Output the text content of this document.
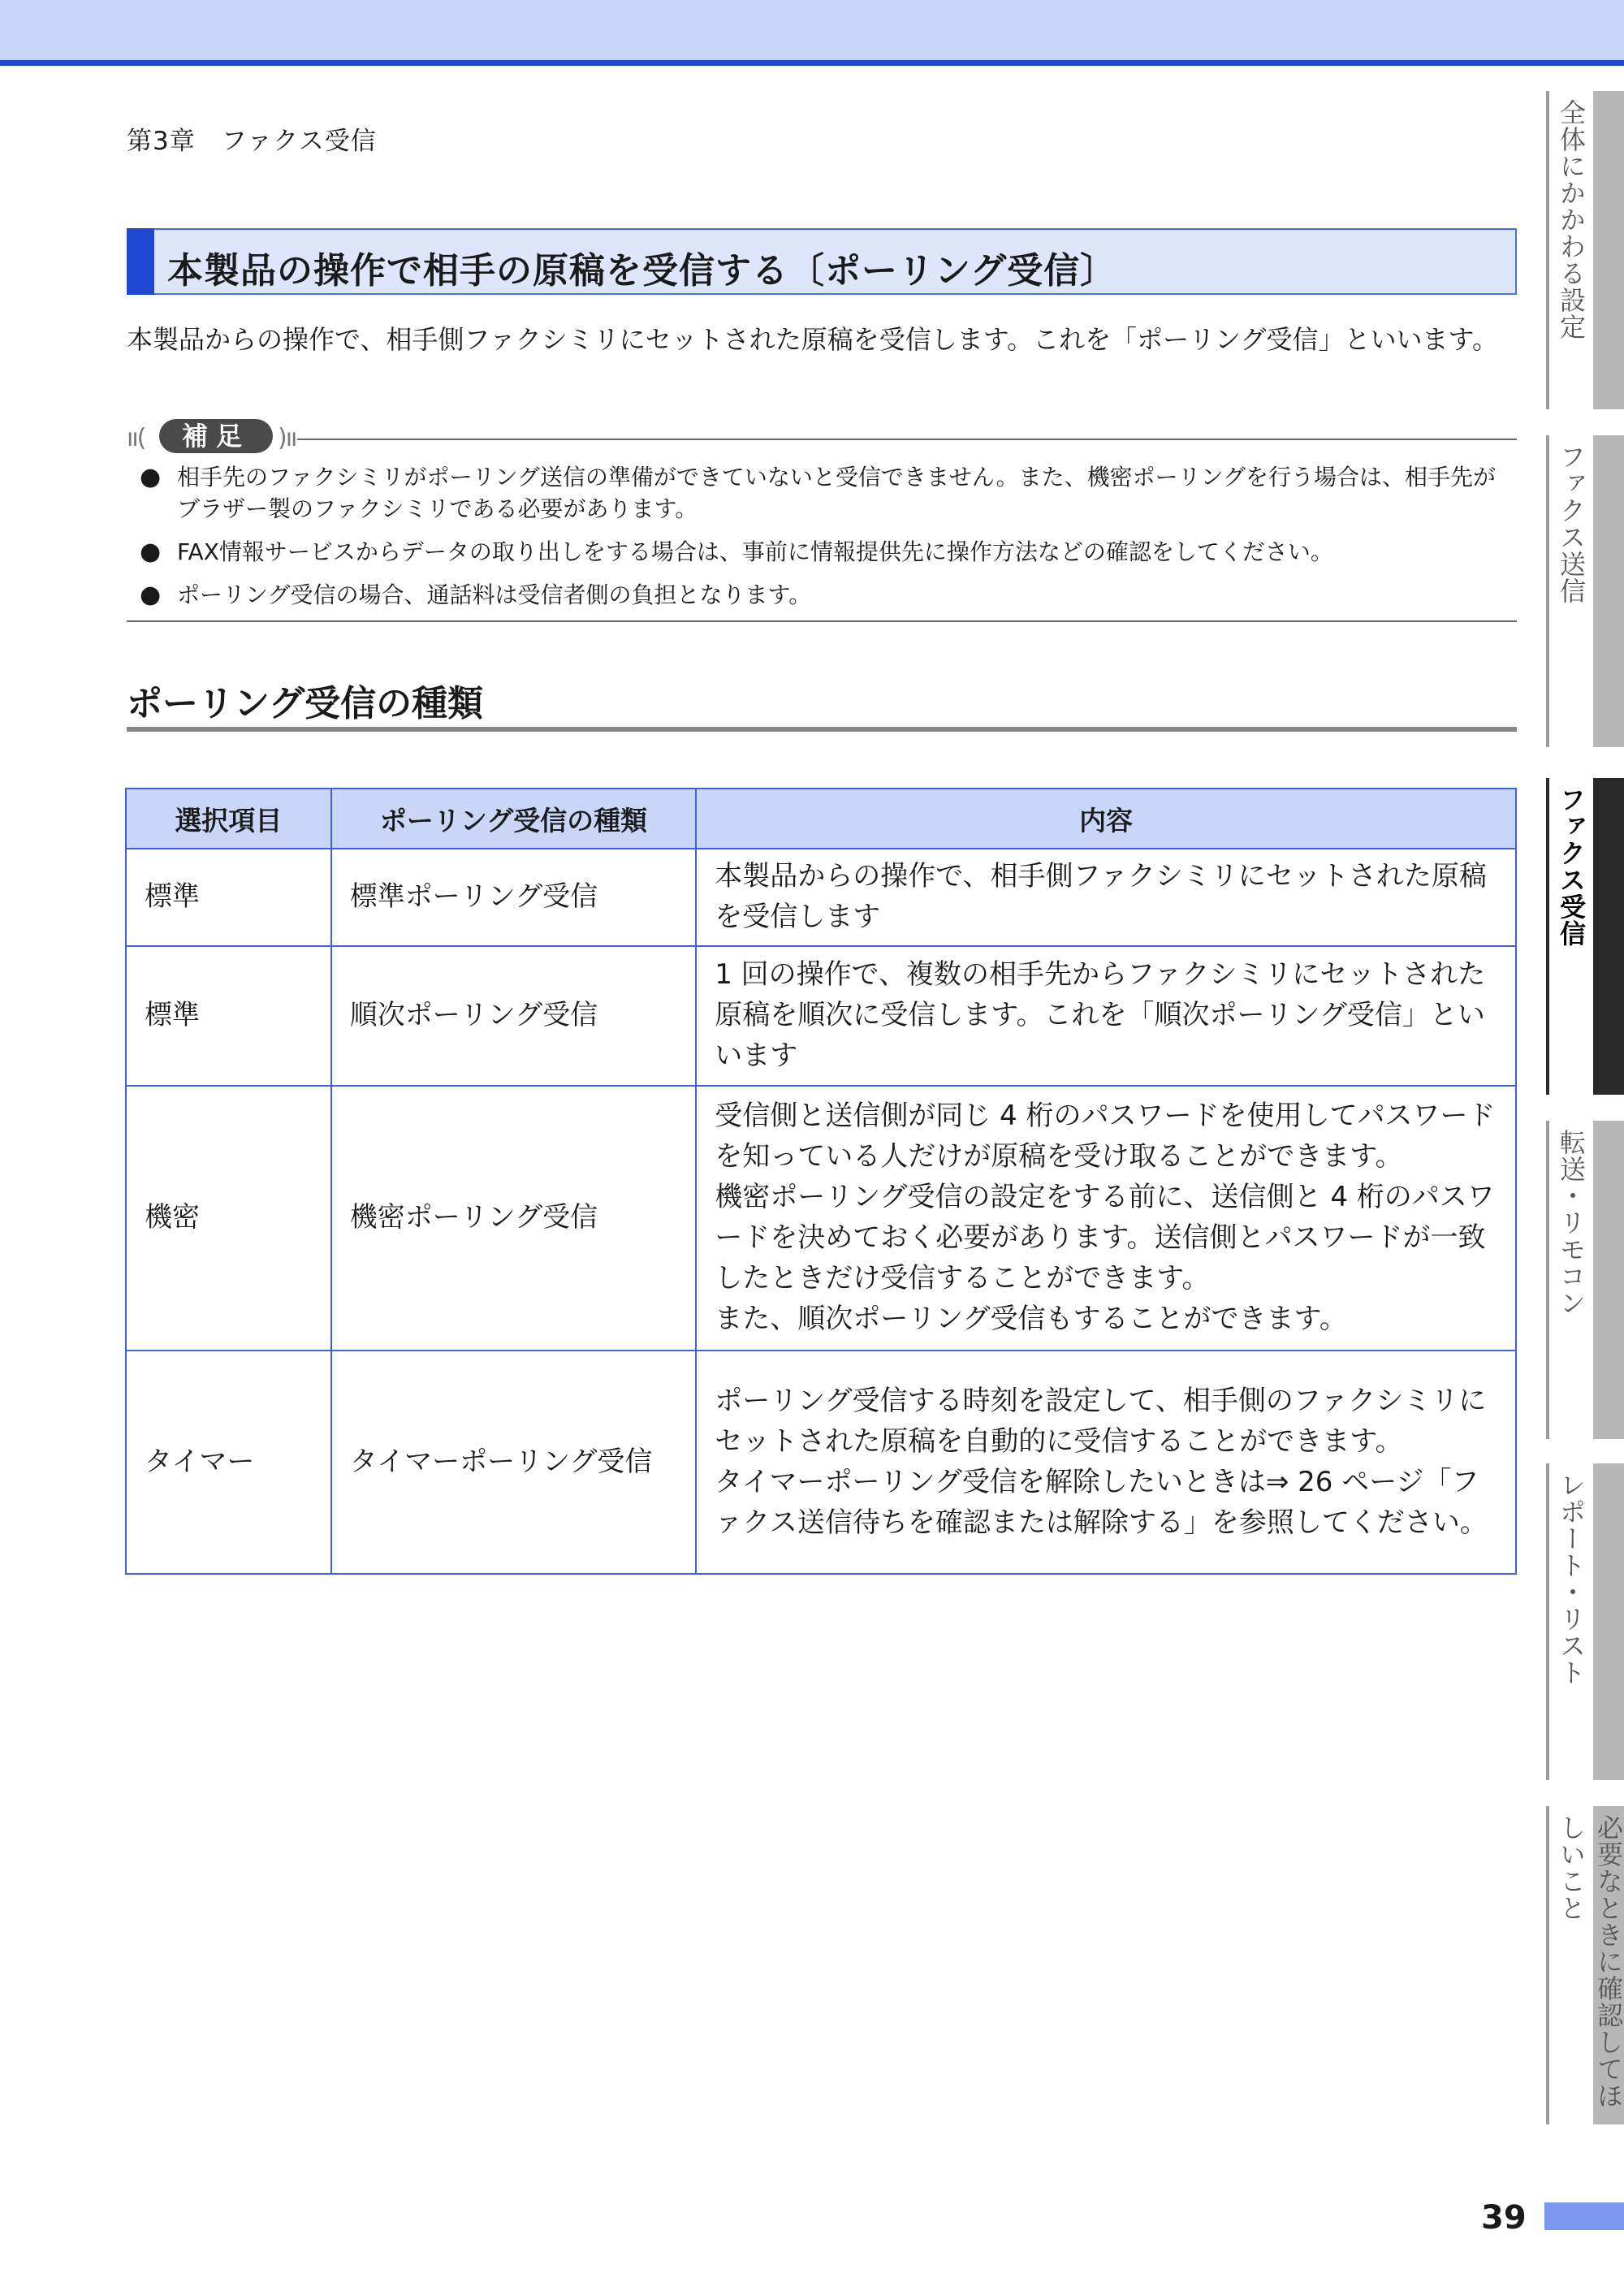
第3章　ファクス受信
本製品の操作で相手の原稿を受信する〔ポーリング受信〕
本製品からの操作で、相手側ファクシミリにセットされた原稿を受信します。これを「ポーリング受信」といいます。
ıı(	補足	)ıı
● 相手先のファクシミリがポーリング送信の準備ができていないと受信できません。また、機密ポーリングを行う場合は、相手先がブラザー製のファクシミリである必要があります。
● FAX情報サービスからデータの取り出しをする場合は、事前に情報提供先に操作方法などの確認をしてください。
● ポーリング受信の場合、通話料は受信者側の負担となります。
ポーリング受信の種類
選択項目	ポーリング受信の種類	内容
標準	標準ポーリング受信	本製品からの操作で、相手側ファクシミリにセットされた原稿を受信します
標準	順次ポーリング受信	1 回の操作で、複数の相手先からファクシミリにセットされた原稿を順次に受信します。これを「順次ポーリング受信」といいます
機密	機密ポーリング受信	受信側と送信側が同じ 4 桁のパスワードを使用してパスワードを知っている人だけが原稿を受け取ることができます。
機密ポーリング受信の設定をする前に、送信側と 4 桁のパスワードを決めておく必要があります。送信側とパスワードが一致したときだけ受信することができます。
また、順次ポーリング受信もすることができます。
タイマー	タイマーポーリング受信	ポーリング受信する時刻を設定して、相手側のファクシミリにセットされた原稿を自動的に受信することができます。
タイマーポーリング受信を解除したいときは⇒ 26 ページ「ファクス送信待ちを確認または解除する」を参照してください。
全体にかかわる設定
ファクス送信
ファクス受信
転送・リモコン
レポート・リスト
必要なときに確認してほしいこと
39
